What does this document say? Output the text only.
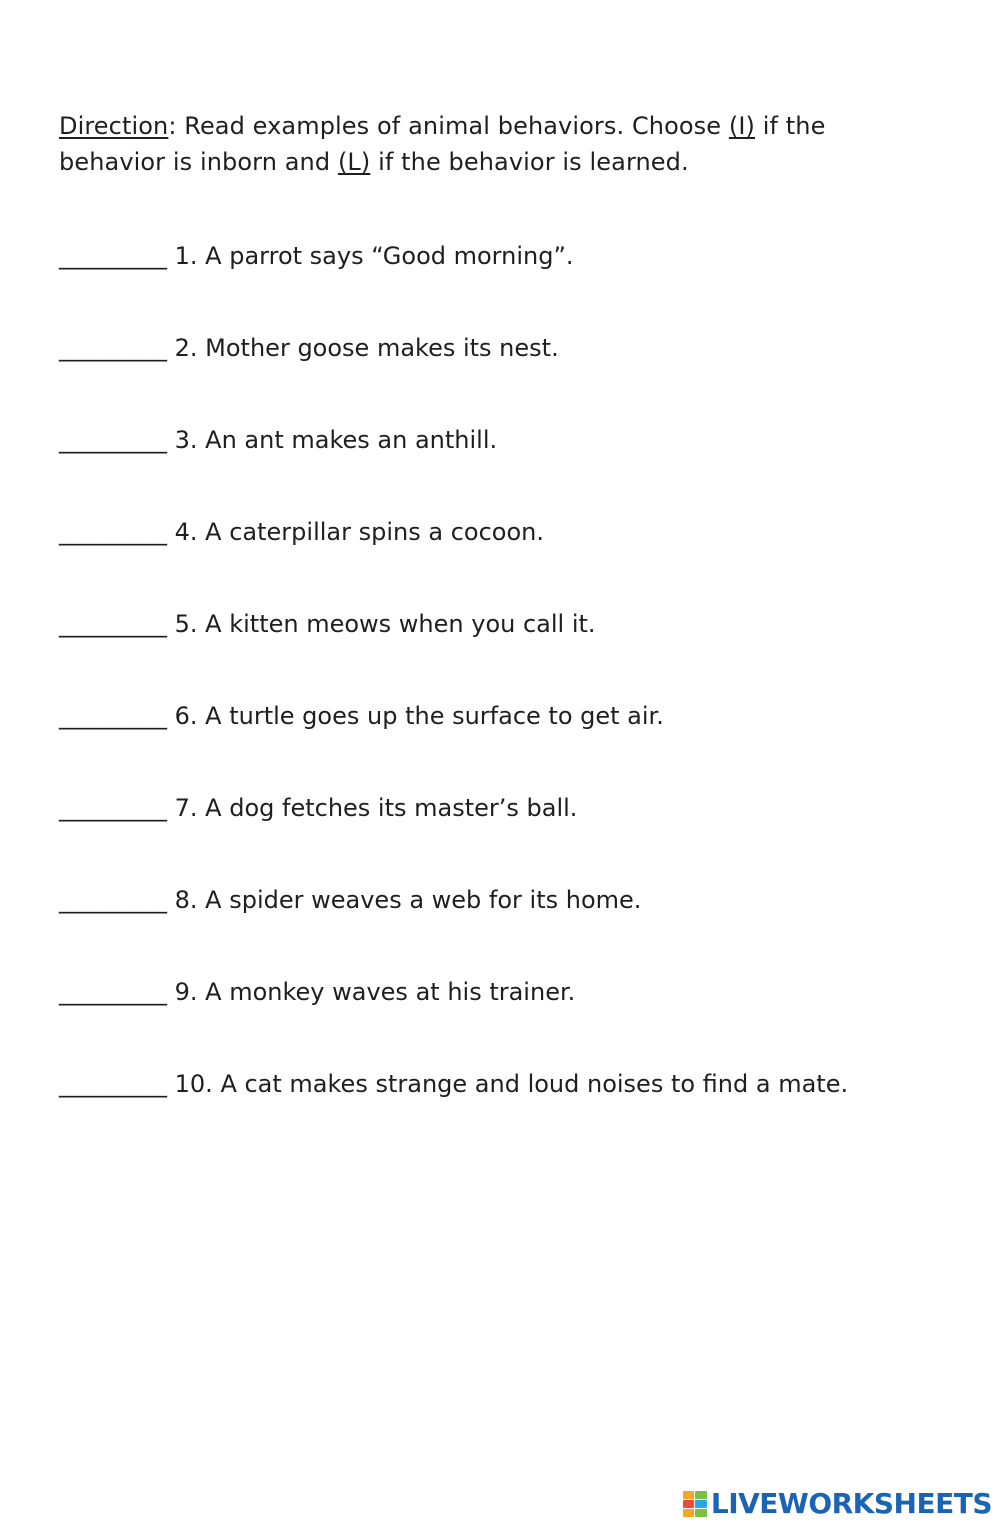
Direction: Read examples of animal behaviors. Choose (I) if the behavior is inborn and (L) if the behavior is learned.
_________ 1. A parrot says “Good morning”.
_________ 2. Mother goose makes its nest.
_________ 3. An ant makes an anthill.
_________ 4. A caterpillar spins a cocoon.
_________ 5. A kitten meows when you call it.
_________ 6. A turtle goes up the surface to get air.
_________ 7. A dog fetches its master’s ball.
_________ 8. A spider weaves a web for its home.
_________ 9. A monkey waves at his trainer.
_________ 10. A cat makes strange and loud noises to find a mate.
LIVEWORKSHEETS
